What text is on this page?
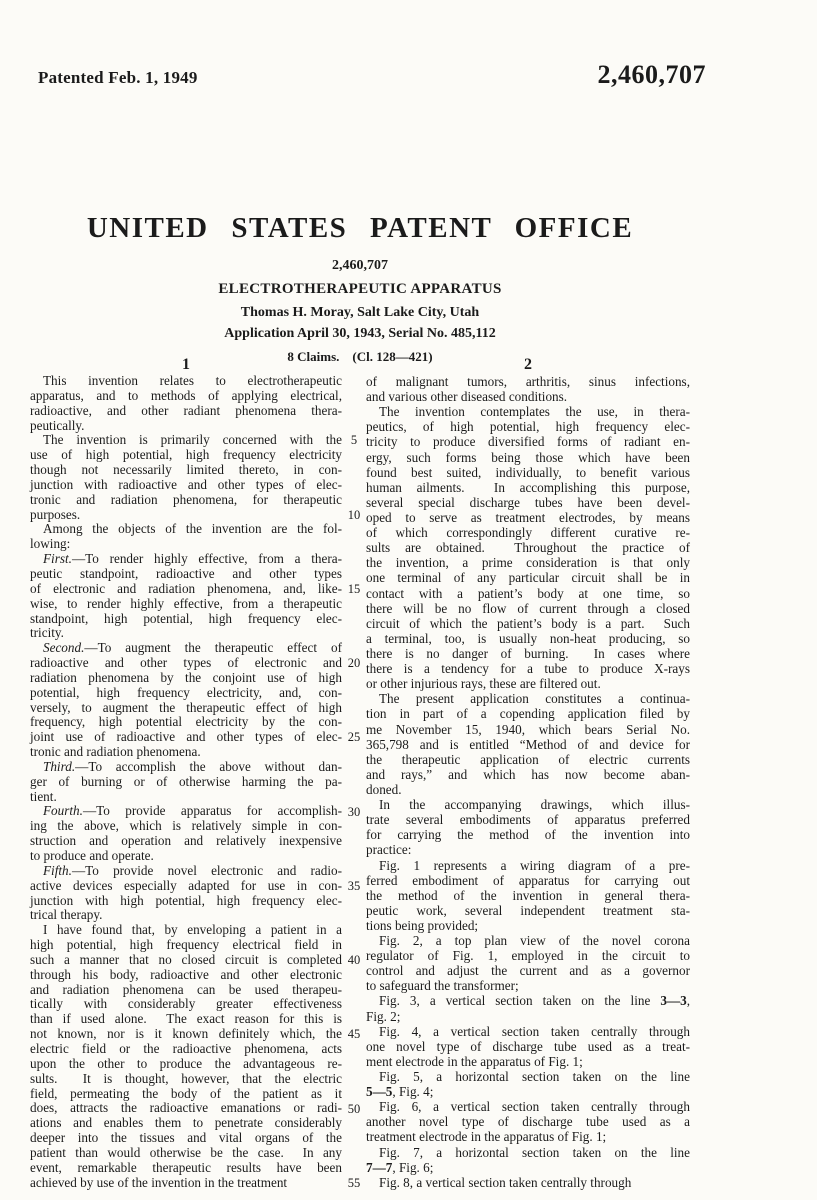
Patented Feb. 1, 1949	2,460,707
UNITED STATES PATENT OFFICE
2,460,707
ELECTROTHERAPEUTIC APPARATUS
Thomas H. Moray, Salt Lake City, Utah
Application April 30, 1943, Serial No. 485,112
8 Claims.    (Cl. 128—421)
1	2
This invention relates to electrotherapeutic
apparatus, and to methods of applying electrical,
radioactive, and other radiant phenomena thera-
peutically.
The invention is primarily concerned with the
use of high potential, high frequency electricity
though not necessarily limited thereto, in con-
junction with radioactive and other types of elec-
tronic and radiation phenomena, for therapeutic
purposes.
Among the objects of the invention are the fol-
lowing:
First.—To render highly effective, from a thera-
peutic standpoint, radioactive and other types
of electronic and radiation phenomena, and, like-
wise, to render highly effective, from a therapeutic
standpoint, high potential, high frequency elec-
tricity.
Second.—To augment the therapeutic effect of
radioactive and other types of electronic and
radiation phenomena by the conjoint use of high
potential, high frequency electricity, and, con-
versely, to augment the therapeutic effect of high
frequency, high potential electricity by the con-
joint use of radioactive and other types of elec-
tronic and radiation phenomena.
Third.—To accomplish the above without dan-
ger of burning or of otherwise harming the pa-
tient.
Fourth.—To provide apparatus for accomplish-
ing the above, which is relatively simple in con-
struction and operation and relatively inexpensive
to produce and operate.
Fifth.—To provide novel electronic and radio-
active devices especially adapted for use in con-
junction with high potential, high frequency elec-
trical therapy.
I have found that, by enveloping a patient in a
high potential, high frequency electrical field in
such a manner that no closed circuit is completed
through his body, radioactive and other electronic
and radiation phenomena can be used therapeu-
tically with considerably greater effectiveness
than if used alone.  The exact reason for this is
not known, nor is it known definitely which, the
electric field or the radioactive phenomena, acts
upon the other to produce the advantageous re-
sults.  It is thought, however, that the electric
field, permeating the body of the patient as it
does, attracts the radioactive emanations or radi-
ations and enables them to penetrate considerably
deeper into the tissues and vital organs of the
patient than would otherwise be the case.  In any
event, remarkable therapeutic results have been
achieved by use of the invention in the treatment
5
10
15
20
25
30
35
40
45
50
55
of malignant tumors, arthritis, sinus infections,
and various other diseased conditions.
The invention contemplates the use, in thera-
peutics, of high potential, high frequency elec-
tricity to produce diversified forms of radiant en-
ergy, such forms being those which have been
found best suited, individually, to benefit various
human ailments.  In accomplishing this purpose,
several special discharge tubes have been devel-
oped to serve as treatment electrodes, by means
of which correspondingly different curative re-
sults are obtained.  Throughout the practice of
the invention, a prime consideration is that only
one terminal of any particular circuit shall be in
contact with a patient’s body at one time, so
there will be no flow of current through a closed
circuit of which the patient’s body is a part.  Such
a terminal, too, is usually non-heat producing, so
there is no danger of burning.  In cases where
there is a tendency for a tube to produce X-rays
or other injurious rays, these are filtered out.
The present application constitutes a continua-
tion in part of a copending application filed by
me November 15, 1940, which bears Serial No.
365,798 and is entitled “Method of and device for
the therapeutic application of electric currents
and rays,” and which has now become aban-
doned.
In the accompanying drawings, which illus-
trate several embodiments of apparatus preferred
for carrying the method of the invention into
practice:
Fig. 1 represents a wiring diagram of a pre-
ferred embodiment of apparatus for carrying out
the method of the invention in general thera-
peutic work, several independent treatment sta-
tions being provided;
Fig. 2, a top plan view of the novel corona
regulator of Fig. 1, employed in the circuit to
control and adjust the current and as a governor
to safeguard the transformer;
Fig. 3, a vertical section taken on the line 3—3,
Fig. 2;
Fig. 4, a vertical section taken centrally through
one novel type of discharge tube used as a treat-
ment electrode in the apparatus of Fig. 1;
Fig. 5, a horizontal section taken on the line
5—5, Fig. 4;
Fig. 6, a vertical section taken centrally through
another novel type of discharge tube used as a
treatment electrode in the apparatus of Fig. 1;
Fig. 7, a horizontal section taken on the line
7—7, Fig. 6;
Fig. 8, a vertical section taken centrally through
